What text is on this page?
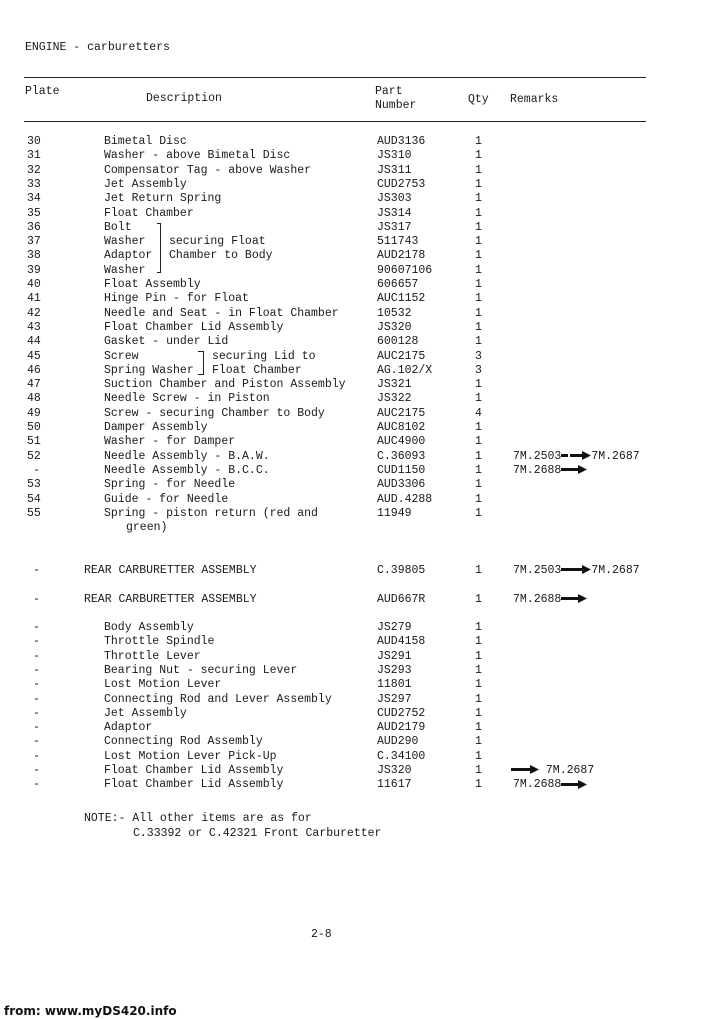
ENGINE - carburetters
Plate
Description
Part
Number	Qty Remarks
30	Bimetal Disc	AUD3136	1
31	Washer - above Bimetal Disc	JS310	1
32	Compensator Tag - above Washer	JS311	1
33	Jet Assembly	CUD2753	1
34	Jet Return Spring	JS303	1
35	Float Chamber	JS314	1
36	Bolt	JS317	1
37	Washer	511743	1
38	Adaptor	AUD2178	1
39	Washer	90607106	1
40	Float Assembly	606657	1
41	Hinge Pin - for Float	AUC1152	1
42	Needle and Seat - in Float Chamber	10532	1
43	Float Chamber Lid Assembly	JS320	1
44	Gasket - under Lid	600128	1
45	Screw	AUC2175	3
46	Spring Washer	AG.102/X	3
47	Suction Chamber and Piston Assembly	JS321	1
48	Needle Screw - in Piston	JS322	1
49	Screw - securing Chamber to Body	AUC2175	4
50	Damper Assembly	AUC8102	1
51	Washer - for Damper	AUC4900	1
52	Needle Assembly - B.A.W.	C.36093	1	7M.2503	7M.2687
-	Needle Assembly - B.C.C.	CUD1150	1	7M.2688
53	Spring - for Needle	AUD3306	1
54	Guide - for Needle	AUD.4288	1
55	Spring - piston return (red and	11949	1
green)
securing Float
Chamber to Body
securing Lid to
Float Chamber
-	REAR CARBURETTER ASSEMBLY	C.39805	1	7M.2503	7M.2687
-	REAR CARBURETTER ASSEMBLY	AUD667R	1	7M.2688
-	Body Assembly	JS279	1
-	Throttle Spindle	AUD4158	1
-	Throttle Lever	JS291	1
-	Bearing Nut - securing Lever	JS293	1
-	Lost Motion Lever	11801	1
-	Connecting Rod and Lever Assembly	JS297	1
-	Jet Assembly	CUD2752	1
-	Adaptor	AUD2179	1
-	Connecting Rod Assembly	AUD290	1
-	Lost Motion Lever Pick-Up	C.34100	1
-	Float Chamber Lid Assembly	JS320	1	7M.2687
-	Float Chamber Lid Assembly	11617	1	7M.2688
NOTE:- All other items are as for
C.33392 or C.42321 Front Carburetter
2-8
from: www.myDS420.info
